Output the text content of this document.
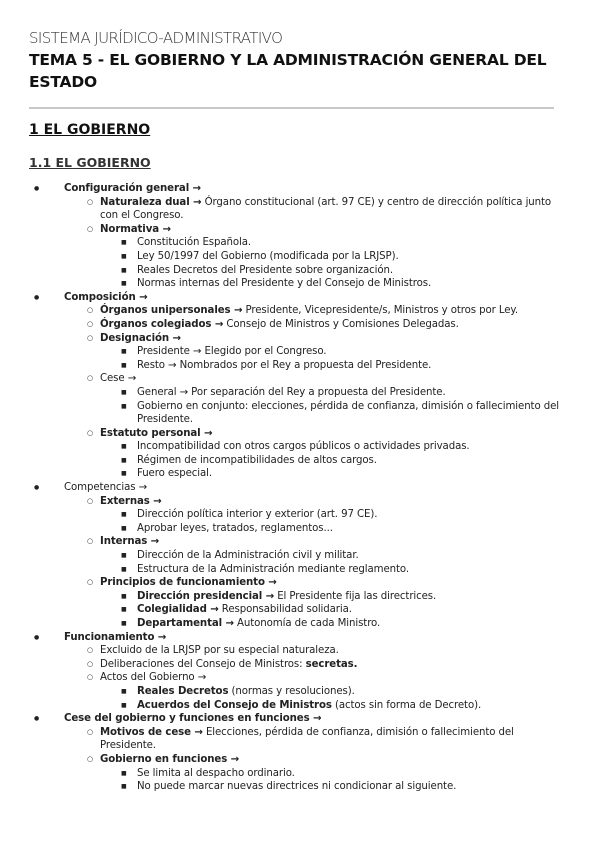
SISTEMA JURÍDICO-ADMINISTRATIVO

TEMA 5 - EL GOBIERNO Y LA ADMINISTRACIÓN GENERAL DEL ESTADO
1 EL GOBIERNO
1.1 EL GOBIERNO
● Configuración general →
○ Naturaleza dual → Órgano constitucional (art. 97 CE) y centro de dirección política junto con el Congreso.
○ Normativa →
■ Constitución Española.
■ Ley 50/1997 del Gobierno (modificada por la LRJSP).
■ Reales Decretos del Presidente sobre organización.
■ Normas internas del Presidente y del Consejo de Ministros.
● Composición →
○ Órganos unipersonales → Presidente, Vicepresidente/s, Ministros y otros por Ley.
○ Órganos colegiados → Consejo de Ministros y Comisiones Delegadas.
○ Designación →
■ Presidente → Elegido por el Congreso.
■ Resto → Nombrados por el Rey a propuesta del Presidente.
○ Cese →
■ General → Por separación del Rey a propuesta del Presidente.
■ Gobierno en conjunto: elecciones, pérdida de confianza, dimisión o fallecimiento del Presidente.
○ Estatuto personal →
■ Incompatibilidad con otros cargos públicos o actividades privadas.
■ Régimen de incompatibilidades de altos cargos.
■ Fuero especial.
● Competencias →
○ Externas →
■ Dirección política interior y exterior (art. 97 CE).
■ Aprobar leyes, tratados, reglamentos...
○ Internas →
■ Dirección de la Administración civil y militar.
■ Estructura de la Administración mediante reglamento.
○ Principios de funcionamiento →
■ Dirección presidencial → El Presidente fija las directrices.
■ Colegialidad → Responsabilidad solidaria.
■ Departamental → Autonomía de cada Ministro.
● Funcionamiento →
○ Excluido de la LRJSP por su especial naturaleza.
○ Deliberaciones del Consejo de Ministros: secretas.
○ Actos del Gobierno →
■ Reales Decretos (normas y resoluciones).
■ Acuerdos del Consejo de Ministros (actos sin forma de Decreto).
● Cese del gobierno y funciones en funciones →
○ Motivos de cese → Elecciones, pérdida de confianza, dimisión o fallecimiento del Presidente.
○ Gobierno en funciones →
■ Se limita al despacho ordinario.
■ No puede marcar nuevas directrices ni condicionar al siguiente.
